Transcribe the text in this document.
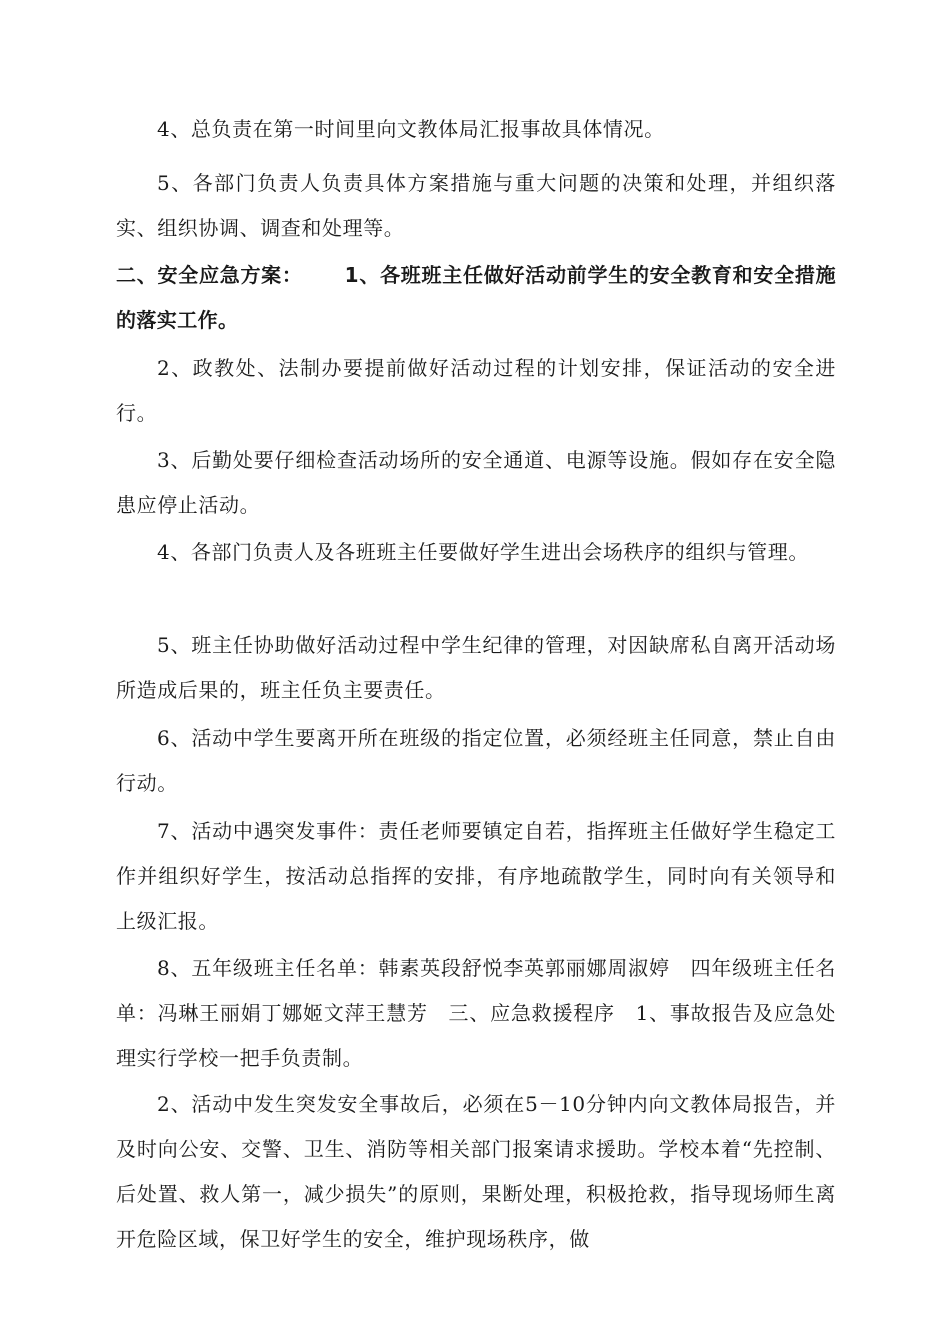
4、总负责在第一时间里向文教体局汇报事故具体情况。

5、各部门负责人负责具体方案措施与重大问题的决策和处理，并组织落实、组织协调、调查和处理等。

二、安全应急方案： 1、各班班主任做好活动前学生的安全教育和安全措施的落实工作。

2、政教处、法制办要提前做好活动过程的计划安排，保证活动的安全进行。

3、后勤处要仔细检查活动场所的安全通道、电源等设施。假如存在安全隐患应停止活动。

4、各部门负责人及各班班主任要做好学生进出会场秩序的组织与管理。

5、班主任协助做好活动过程中学生纪律的管理，对因缺席私自离开活动场所造成后果的，班主任负主要责任。

6、活动中学生要离开所在班级的指定位置，必须经班主任同意，禁止自由行动。

7、活动中遇突发事件：责任老师要镇定自若，指挥班主任做好学生稳定工作并组织好学生，按活动总指挥的安排，有序地疏散学生，同时向有关领导和上级汇报。

8、五年级班主任名单：韩素英段舒悦李英郭丽娜周淑婷　四年级班主任名单：冯琳王丽娟丁娜姬文萍王慧芳　三、应急救援程序　1、事故报告及应急处理实行学校一把手负责制。

2、活动中发生突发安全事故后，必须在5－10分钟内向文教体局报告，并及时向公安、交警、卫生、消防等相关部门报案请求援助。学校本着“先控制、后处置、救人第一，减少损失”的原则，果断处理，积极抢救，指导现场师生离开危险区域，保卫好学生的安全，维护现场秩序，做
